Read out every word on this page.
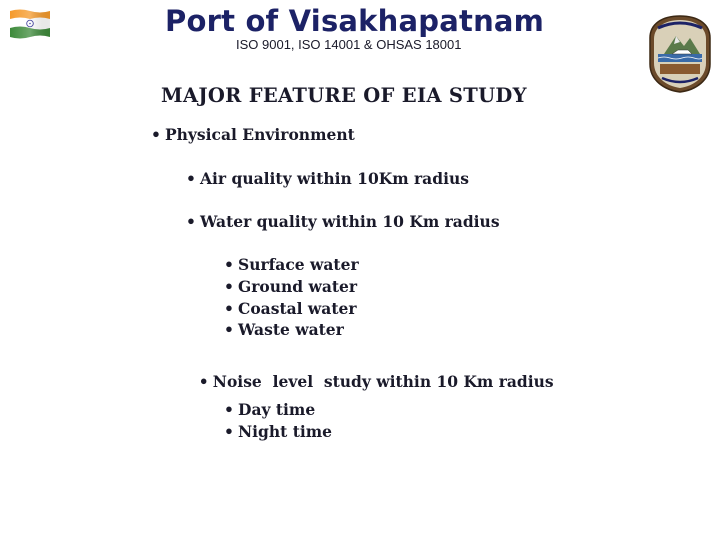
Port of Visakhapatnam
ISO 9001, ISO 14001 & OHSAS 18001
MAJOR FEATURE OF EIA STUDY
• Physical Environment
• Air quality within 10Km radius
• Water quality within 10 Km radius
• Surface water
• Ground water
• Coastal water
• Waste water

• Noise  level  study within 10 Km radius

• Day time
• Night time
